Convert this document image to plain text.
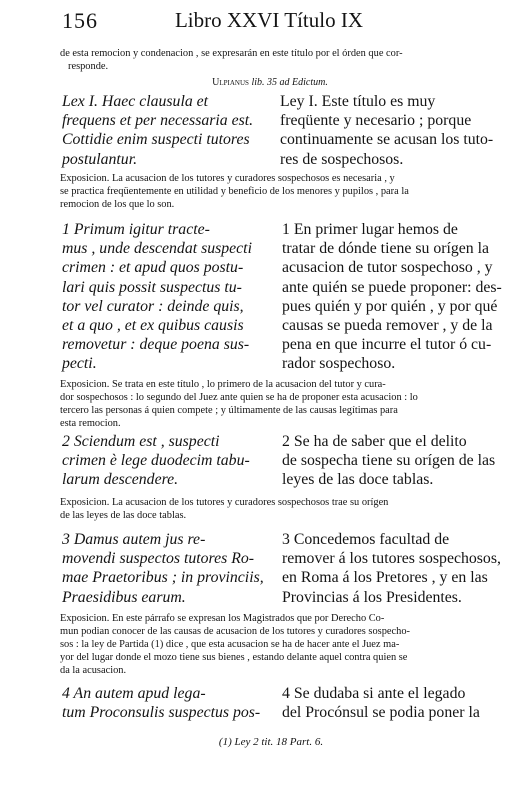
156	Libro XXVI Título IX
de esta remocion y condenacion , se expresarán en este título por el órden que cor-
responde.
Ulpianus lib. 35 ad Edictum.
Lex I. Haec clausula et
frequens et per necessaria est.
Cottidie enim suspecti tutores
postulantur.
Ley I. Este título es muy
freqüente y necesario ; porque
continuamente se acusan los tuto-
res de sospechosos.
Exposicion. La acusacion de los tutores y curadores sospechosos es necesaria , y
se practica freqüentemente en utilidad y beneficio de los menores y pupilos , para la
remocion de los que lo son.
1 Primum igitur tracte-
mus , unde descendat suspecti
crimen : et apud quos postu-
lari quis possit suspectus tu-
tor vel curator : deinde quis,
et a quo , et ex quibus causis
removetur : deque poena sus-
pecti.
1 En primer lugar hemos de
tratar de dónde tiene su orígen la
acusacion de tutor sospechoso , y
ante quién se puede proponer: des-
pues quién y por quién , y por qué
causas se pueda remover , y de la
pena en que incurre el tutor ó cu-
rador sospechoso.
Exposicion. Se trata en este título , lo primero de la acusacion del tutor y cura-
dor sospechosos : lo segundo del Juez ante quien se ha de proponer esta acusacion : lo
tercero las personas á quien compete ; y últimamente de las causas legítimas para
esta remocion.
2 Sciendum est , suspecti
crimen è lege duodecim tabu-
larum descendere.
2 Se ha de saber que el delito
de sospecha tiene su orígen de las
leyes de las doce tablas.
Exposicion. La acusacion de los tutores y curadores sospechosos trae su orígen
de las leyes de las doce tablas.
3 Damus autem jus re-
movendi suspectos tutores Ro-
mae Praetoribus ; in provinciis,
Praesidibus earum.
3 Concedemos facultad de
remover á los tutores sospechosos,
en Roma á los Pretores , y en las
Provincias á los Presidentes.
Exposicion. En este párrafo se expresan los Magistrados que por Derecho Co-
mun podian conocer de las causas de acusacion de los tutores y curadores sospecho-
sos : la ley de Partida (1) dice , que esta acusacion se ha de hacer ante el Juez ma-
yor del lugar donde el mozo tiene sus bienes , estando delante aquel contra quien se
da la acusacion.
4 An autem apud lega-
tum Proconsulis suspectus pos-
4 Se dudaba si ante el legado
del Procónsul se podia poner la
(1) Ley 2 tit. 18 Part. 6.
